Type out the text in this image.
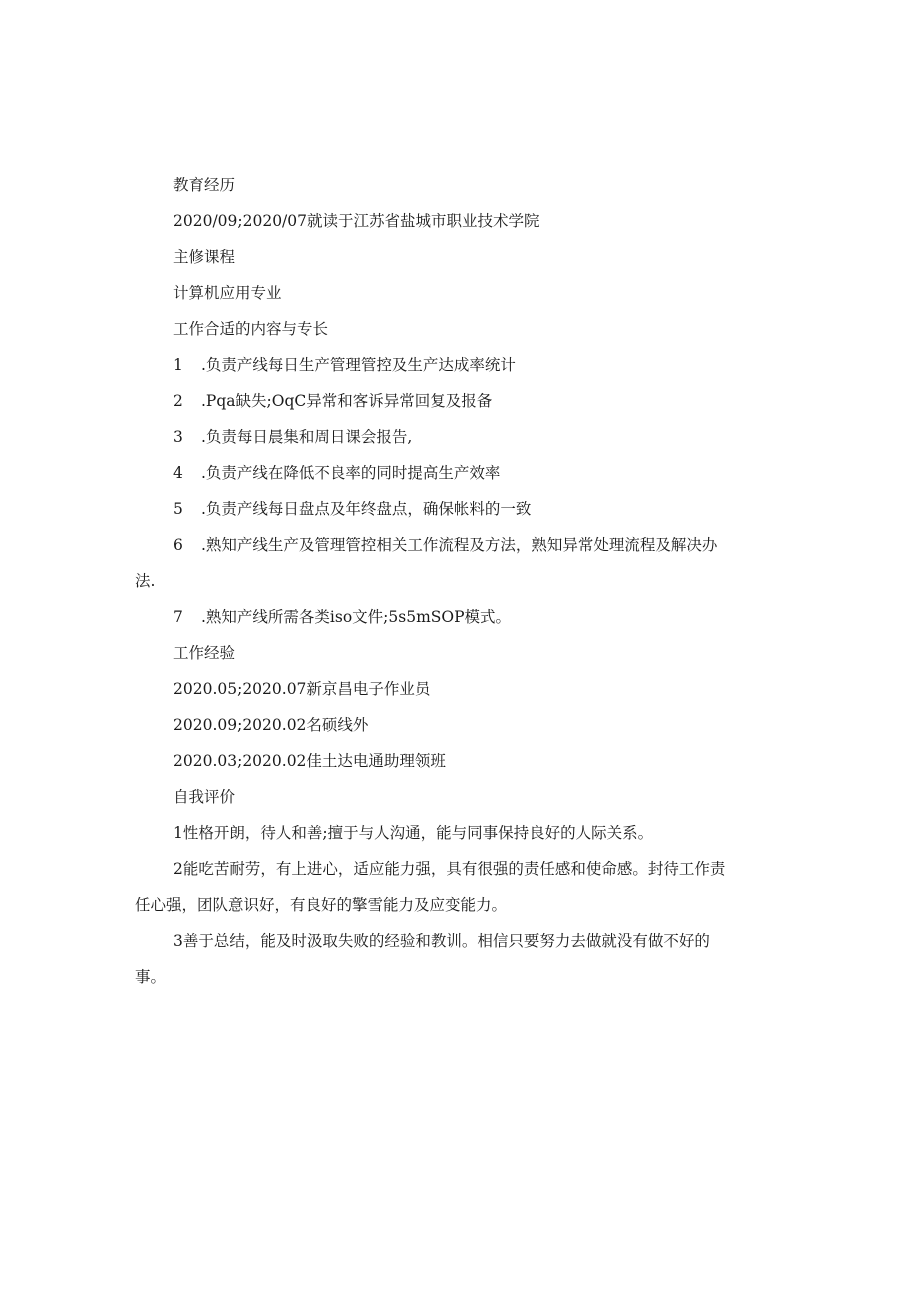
教育经历
2020/09;2020/07就读于江苏省盐城市职业技术学院
主修课程
计算机应用专业
工作合适的内容与专长
1 .负责产线每日生产管理管控及生产达成率统计
2 .Pqa缺失;OqC异常和客诉异常回复及报备
3 .负责每日晨集和周日课会报告,
4 .负责产线在降低不良率的同时提高生产效率
5 .负责产线每日盘点及年终盘点，确保帐料的一致
6 .熟知产线生产及管理管控相关工作流程及方法，熟知异常处理流程及解决办
法.
7 .熟知产线所需各类iso文件;5s5mSOP模式。
工作经验
2020.05;2020.07新京昌电子作业员
2020.09;2020.02名硕线外
2020.03;2020.02佳土达电通助理领班
自我评价
1性格开朗，待人和善;擅于与人沟通，能与同事保持良好的人际关系。
2能吃苦耐劳，有上进心，适应能力强，具有很强的责任感和使命感。封待工作责
任心强，团队意识好，有良好的擎雪能力及应变能力。
3善于总结，能及时汲取失败的经验和教训。相信只要努力去做就没有做不好的
事。
